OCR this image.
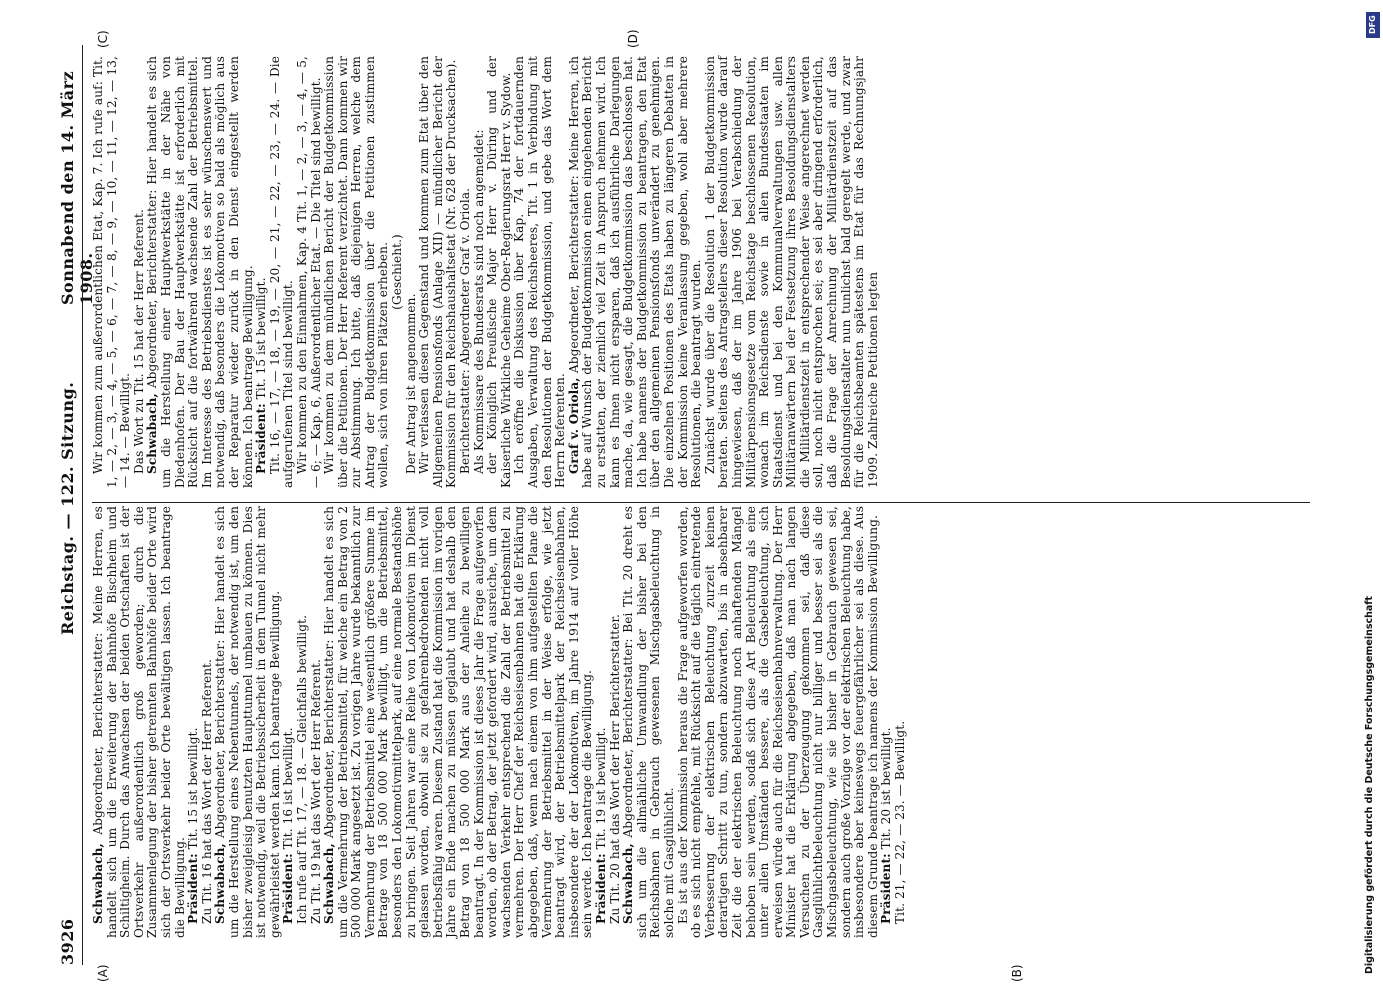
3926
Reichstag. — 122. Sitzung.
Sonnabend den 14. März 1908.
(A)	(B)
(C)	(D)

Schwabach, Abgeordneter, Berichterstatter: Meine Herren, es handelt sich um die Erweiterung der Bahnhöfe Bischheim und Schiltigheim. Durch das Anwachsen der beiden Ortschaften ist der Ortsverkehr außerordentlich groß geworden; durch die Zusammenlegung der bisher getrennten Bahnhöfe beider Orte wird sich der Ortsverkehr beider Orte bewältigen lassen. Ich beantrage die Bewilligung. Präsident: Tit. 15 ist bewilligt. Zu Tit. 16 hat das Wort der Herr Referent. Schwabach, Abgeordneter, Berichterstatter: Hier handelt es sich um die Herstellung eines Nebentunnels, der notwendig ist, um den bisher zweigleisig benutzten Haupttunnel umbauen zu können. Dies ist notwendig, weil die Betriebssicherheit in dem Tunnel nicht mehr gewährleistet werden kann. Ich beantrage Bewilligung. Präsident: Tit. 16 ist bewilligt. Ich rufe auf Tit. 17, — 18. — Gleichfalls bewilligt. Zu Tit. 19 hat das Wort der Herr Referent. Schwabach, Abgeordneter, Berichterstatter: Hier handelt es sich um die Vermehrung der Betriebsmittel, für welche ein Betrag von 2 500 000 Mark angesetzt ist. Zu vorigen Jahre wurde bekanntlich zur Vermehrung der Betriebsmittel eine wesentlich größere Summe im Betrage von 18 500 000 Mark bewilligt, um die Betriebsmittel, besonders den Lokomotivmittelpark, auf eine normale Bestandshöhe zu bringen. Seit Jahren war eine Reihe von Lokomotiven im Dienst gelassen worden, obwohl sie zu gefahrenbedrohenden nicht voll betriebsfähig waren. Diesem Zustand hat die Kommission im vorigen Jahre ein Ende machen zu müssen geglaubt und hat deshalb den Betrag von 18 500 000 Mark aus der Anleihe zu bewilligen beantragt. In der Kommission ist dieses Jahr die Frage aufgeworfen worden, ob der Betrag, der jetzt gefordert wird, ausreiche, um dem wachsenden Verkehr entsprechend die Zahl der Betriebsmittel zu vermehren. Der Herr Chef der Reichseisenbahnen hat die Erklärung abgegeben, daß, wenn nach einem von ihm aufgestellten Plane die Vermehrung der Betriebsmittel in der Weise erfolge, wie jetzt beantragt wird, der Betriebsmittelpark der Reichseisenbahnen, insbesondere der der Lokomotiven, im Jahre 1914 auf voller Höhe sein werde. Ich beantrage die Bewilligung. Präsident: Tit. 19 ist bewilligt. Zu Tit. 20 hat das Wort der Herr Berichterstatter. Schwabach, Abgeordneter, Berichterstatter: Bei Tit. 20 dreht es sich um die allmähliche Umwandlung der bisher bei den Reichsbahnen in Gebrauch gewesenen Mischgasbeleuchtung in solche mit Gasglühlicht. Es ist aus der Kommission heraus die Frage aufgeworfen worden, ob es sich nicht empfehle, mit Rücksicht auf die täglich eintretende Verbesserung der elektrischen Beleuchtung zurzeit keinen derartigen Schritt zu tun, sondern abzuwarten, bis in absehbarer Zeit die der elektrischen Beleuchtung noch anhaftenden Mängel behoben sein werden, sodaß sich diese Art Beleuchtung als eine unter allen Umständen bessere, als die Gasbeleuchtung, sich erweisen würde auch für die Reichseisenbahnverwaltung. Der Herr Minister hat die Erklärung abgegeben, daß man nach langen Versuchen zu der Überzeugung gekommen sei, daß diese Gasglühlichtbeleuchtung nicht nur billiger und besser sei als die Mischgasbeleuchtung, wie sie bisher in Gebrauch gewesen sei, sondern auch große Vorzüge vor der elektrischen Beleuchtung habe, insbesondere aber keineswegs feuergefährlicher sei als diese. Aus diesem Grunde beantrage ich namens der Kommission Bewilligung. Präsident: Tit. 20 ist bewilligt. Tit. 21, — 22, — 23. — Bewilligt.

Wir kommen zum außerordentlichen Etat, Kap. 7. Ich rufe auf: Tit. 1, — 2, — 3, — 4, — 5, — 6, — 7, — 8, — 9, — 10, — 11, — 12, — 13, — 14. — Bewilligt. Das Wort zu Tit. 15 hat der Herr Referent. Schwabach, Abgeordneter, Berichterstatter: Hier handelt es sich um die Herstellung einer Hauptwerkstätte in der Nähe von Diedenhofen. Der Bau der Hauptwerkstätte ist erforderlich mit Rücksicht auf die fortwährend wachsende Zahl der Betriebsmittel. Im Interesse des Betriebsdienstes ist es sehr wünschenswert und notwendig, daß besonders die Lokomotiven so bald als möglich aus der Reparatur wieder zurück in den Dienst eingestellt werden können. Ich beantrage Bewilligung. Präsident: Tit. 15 ist bewilligt. Tit. 16, — 17, — 18, — 19, — 20, — 21, — 22, — 23, — 24. — Die aufgerufenen Titel sind bewilligt. Wir kommen zu den Einnahmen, Kap. 4 Tit. 1, — 2, — 3, — 4, — 5, — 6; — Kap. 6, Außerordentlicher Etat. — Die Titel sind bewilligt. Wir kommen zu dem mündlichen Bericht der Budgetkommission über die Petitionen. Der Herr Referent verzichtet. Dann kommen wir zur Abstimmung. Ich bitte, daß diejenigen Herren, welche dem Antrag der Budgetkommission über die Petitionen zustimmen wollen, sich von ihren Plätzen erheben. (Geschieht.)

Der Antrag ist angenommen. Wir verlassen diesen Gegenstand und kommen zum Etat über den Allgemeinen Pensionsfonds (Anlage XII) — mündlicher Bericht der Kommission für den Reichshaushaltsetat (Nr. 628 der Drucksachen). Berichterstatter: Abgeordneter Graf v. Oriola. Als Kommissare des Bundesrats sind noch angemeldet: der Königlich Preußische Major Herr v. Düring und der Kaiserliche Wirkliche Geheime Ober-Regierungsrat Herr v. Sydow. Ich eröffne die Diskussion über Kap. 74 der fortdauernden Ausgaben, Verwaltung des Reichsheeres, Tit. 1 in Verbindung mit den Resolutionen der Budgetkommission, und gebe das Wort dem Herrn Referenten. Graf v. Oriola, Abgeordneter, Berichterstatter: Meine Herren, ich habe auf Wunsch der Budgetkommission einen eingehenden Bericht zu erstatten, der ziemlich viel Zeit in Anspruch nehmen wird. Ich kann es Ihnen nicht ersparen, daß ich ausführliche Darlegungen mache, da, wie gesagt, die Budgetkommission das beschlossen hat. Ich habe namens der Budgetkommission zu beantragen, den Etat über den allgemeinen Pensionsfonds unverändert zu genehmigen. Die einzelnen Positionen des Etats haben zu längeren Debatten in der Kommission keine Veranlassung gegeben, wohl aber mehrere Resolutionen, die beantragt wurden. Zunächst wurde über die Resolution 1 der Budgetkommission beraten. Seitens des Antragstellers dieser Resolution wurde darauf hingewiesen, daß der im Jahre 1906 bei Verabschiedung der Militärpensionsgesetze vom Reichstage beschlossenen Resolution, wonach im Reichsdienste sowie in allen Bundesstaaten im Staatsdienst und bei den Kommunalverwaltungen usw. allen Militäranwärtern bei der Festsetzung ihres Besoldungsdienstalters die Militärdienstzeit in entsprechender Weise angerechnet werden soll, noch nicht entsprochen sei; es sei aber dringend erforderlich, daß die Frage der Anrechnung der Militärdienstzeit auf das Besoldungsdienstalter nun tunlichst bald geregelt werde, und zwar für die Reichsbeamten spätestens im Etat für das Rechnungsjahr 1909. Zahlreiche Petitionen legten

DFG
Digitalisierung gefördert durch die Deutsche Forschungsgemeinschaft
